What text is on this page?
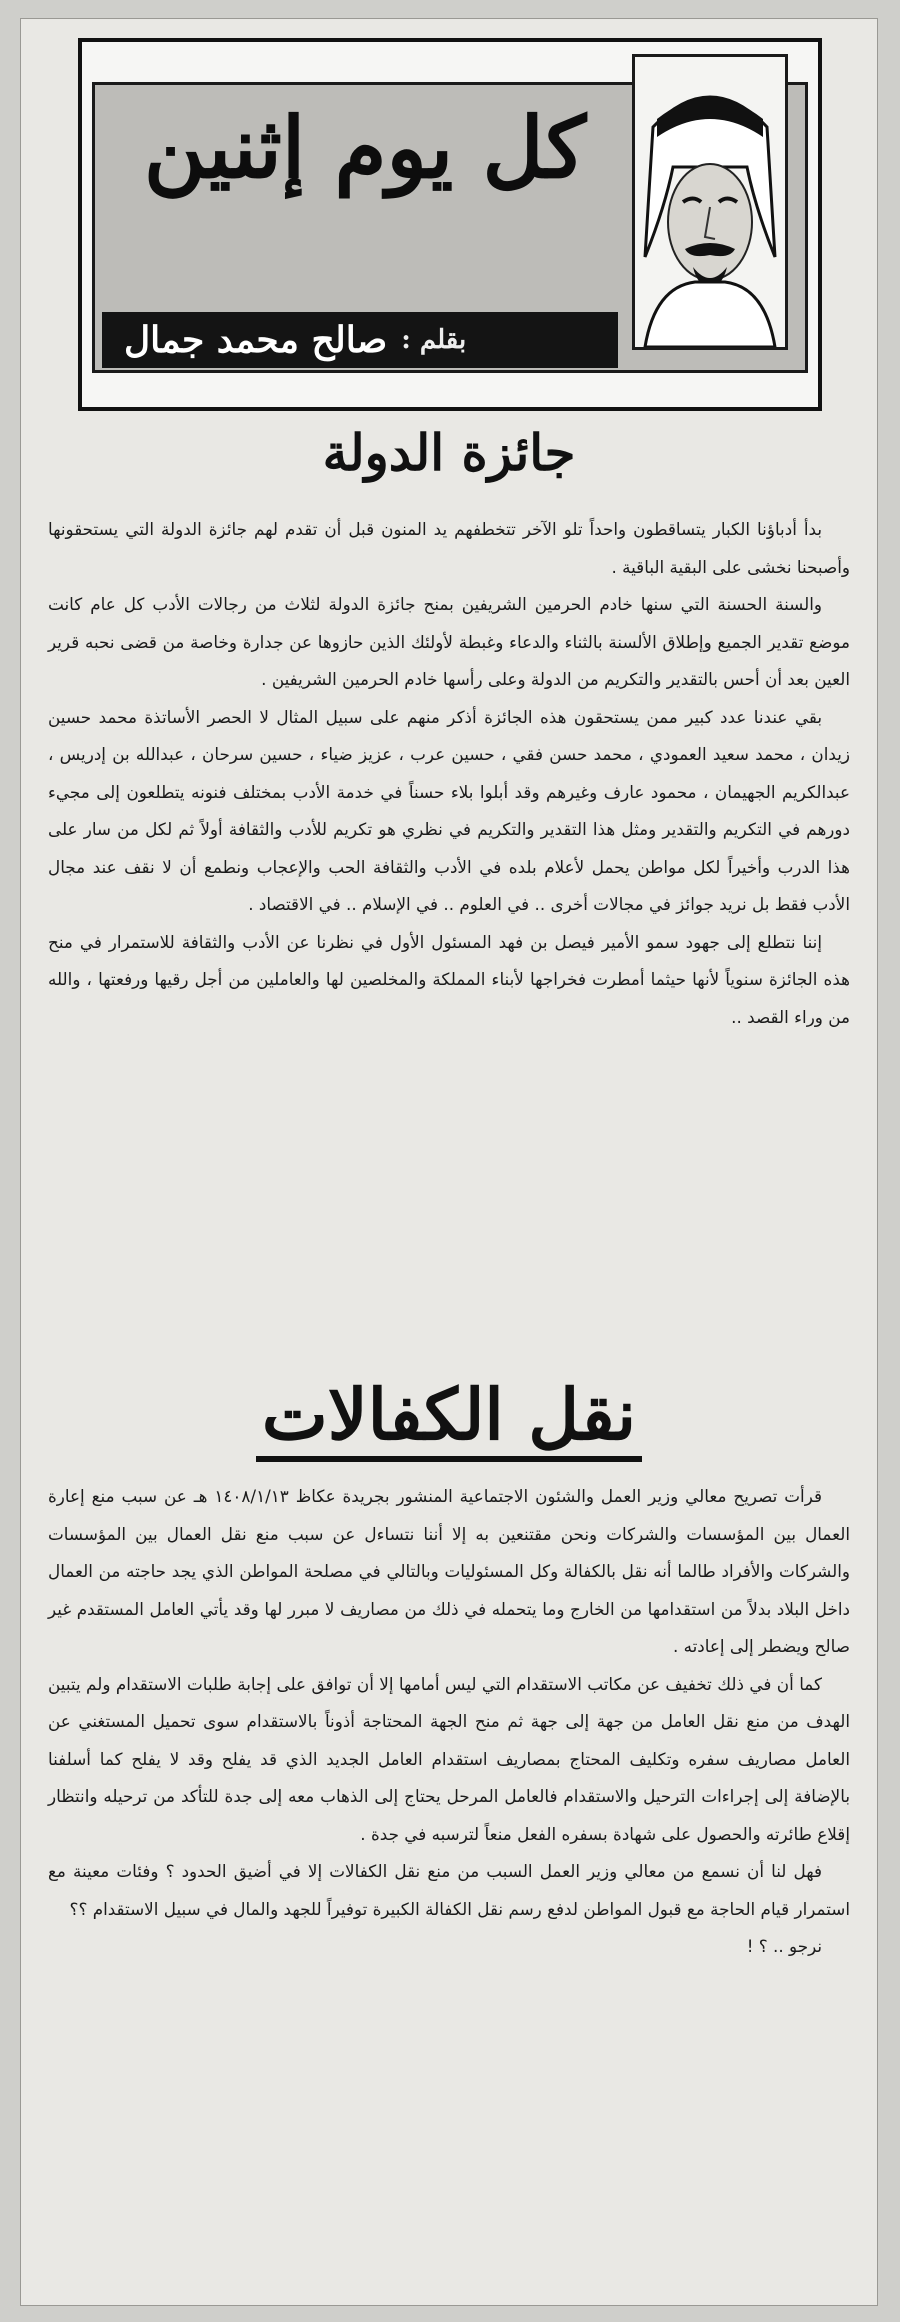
كل يوم إثنين
بقلم :
صالح محمد جمال
جائزة الدولة

بدأ أدباؤنا الكبار يتساقطون واحداً تلو الآخر تتخطفهم يد المنون قبل أن تقدم لهم جائزة الدولة التي يستحقونها وأصبحنا نخشى على البقية الباقية .

والسنة الحسنة التي سنها خادم الحرمين الشريفين بمنح جائزة الدولة لثلاث من رجالات الأدب كل عام كانت موضع تقدير الجميع وإطلاق الألسنة بالثناء والدعاء وغبطة لأولئك الذين حازوها عن جدارة وخاصة من قضى نحبه قرير العين بعد أن أحس بالتقدير والتكريم من الدولة وعلى رأسها خادم الحرمين الشريفين .

بقي عندنا عدد كبير ممن يستحقون هذه الجائزة أذكر منهم على سبيل المثال لا الحصر الأساتذة محمد حسين زيدان ، محمد سعيد العمودي ، محمد حسن فقي ، حسين عرب ، عزيز ضياء ، حسين سرحان ، عبدالله بن إدريس ، عبدالكريم الجهيمان ، محمود عارف وغيرهم وقد أبلوا بلاء حسناً في خدمة الأدب بمختلف فنونه يتطلعون إلى مجيء دورهم في التكريم والتقدير ومثل هذا التقدير والتكريم في نظري هو تكريم للأدب والثقافة أولاً ثم لكل من سار على هذا الدرب وأخيراً لكل مواطن يحمل لأعلام بلده في الأدب والثقافة الحب والإعجاب ونطمع أن لا نقف عند مجال الأدب فقط بل نريد جوائز في مجالات أخرى .. في العلوم .. في الإسلام .. في الاقتصاد .

إننا نتطلع إلى جهود سمو الأمير فيصل بن فهد المسئول الأول في نظرنا عن الأدب والثقافة للاستمرار في منح هذه الجائزة سنوياً لأنها حيثما أمطرت فخراجها لأبناء المملكة والمخلصين لها والعاملين من أجل رقيها ورفعتها ، والله من وراء القصد ..

نقل الكفالات

قرأت تصريح معالي وزير العمل والشئون الاجتماعية المنشور بجريدة عكاظ ١٤٠٨/١/١٣ هـ عن سبب منع إعارة العمال بين المؤسسات والشركات ونحن مقتنعين به إلا أننا نتساءل عن سبب منع نقل العمال بين المؤسسات والشركات والأفراد طالما أنه نقل بالكفالة وكل المسئوليات وبالتالي في مصلحة المواطن الذي يجد حاجته من العمال داخل البلاد بدلاً من استقدامها من الخارج وما يتحمله في ذلك من مصاريف لا مبرر لها وقد يأتي العامل المستقدم غير صالح ويضطر إلى إعادته .

كما أن في ذلك تخفيف عن مكاتب الاستقدام التي ليس أمامها إلا أن توافق على إجابة طلبات الاستقدام ولم يتبين الهدف من منع نقل العامل من جهة إلى جهة ثم منح الجهة المحتاجة أذوناً بالاستقدام سوى تحميل المستغني عن العامل مصاريف سفره وتكليف المحتاج بمصاريف استقدام العامل الجديد الذي قد يفلح وقد لا يفلح كما أسلفنا بالإضافة إلى إجراءات الترحيل والاستقدام فالعامل المرحل يحتاج إلى الذهاب معه إلى جدة للتأكد من ترحيله وانتظار إقلاع طائرته والحصول على شهادة بسفره الفعل منعاً لترسبه في جدة .

فهل لنا أن نسمع من معالي وزير العمل السبب من منع نقل الكفالات إلا في أضيق الحدود ؟ وفئات معينة مع استمرار قيام الحاجة مع قبول المواطن لدفع رسم نقل الكفالة الكبيرة توفيراً للجهد والمال في سبيل الاستقدام ؟؟

نرجو .. ؟ !
